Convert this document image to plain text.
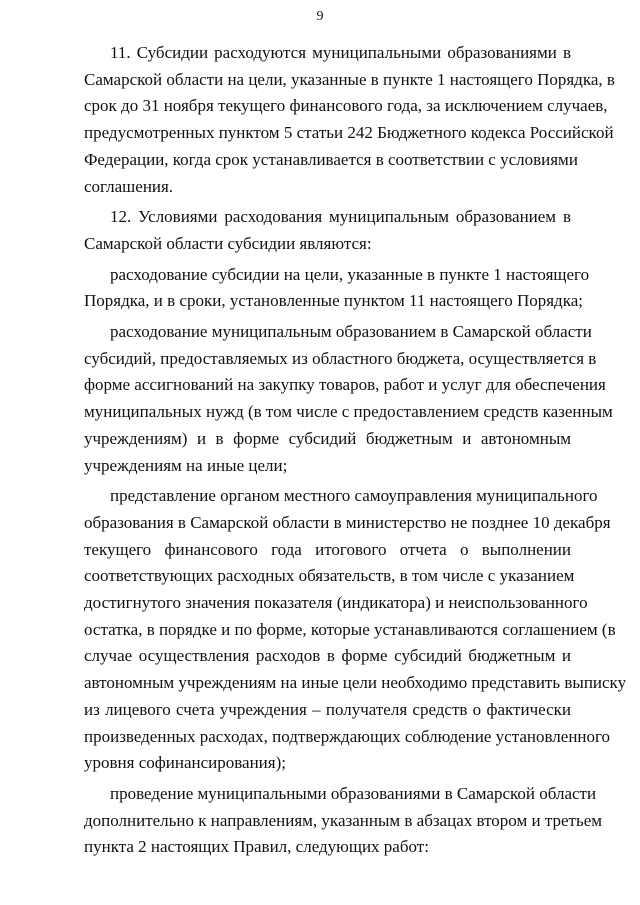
9
11. Субсидии расходуются муниципальными образованиями в
Самарской области на цели, указанные в пункте 1 настоящего Порядка, в
срок до 31 ноября текущего финансового года, за исключением случаев,
предусмотренных пунктом 5 статьи 242 Бюджетного кодекса Российской
Федерации, когда срок устанавливается в соответствии с условиями
соглашения.
12. Условиями расходования муниципальным образованием в
Самарской области субсидии являются:
расходование субсидии на цели, указанные в пункте 1 настоящего
Порядка, и в сроки, установленные пунктом 11 настоящего Порядка;
расходование муниципальным образованием в Самарской области
субсидий, предоставляемых из областного бюджета, осуществляется в
форме ассигнований на закупку товаров, работ и услуг для обеспечения
муниципальных нужд (в том числе с предоставлением средств казенным
учреждениям) и в форме субсидий бюджетным и автономным
учреждениям на иные цели;
представление органом местного самоуправления муниципального
образования в Самарской области в министерство не позднее 10 декабря
текущего финансового года итогового отчета о выполнении
соответствующих расходных обязательств, в том числе с указанием
достигнутого значения показателя (индикатора) и неиспользованного
остатка, в порядке и по форме, которые устанавливаются соглашением (в
случае осуществления расходов в форме субсидий бюджетным и
автономным учреждениям на иные цели необходимо представить выписку
из лицевого счета учреждения – получателя средств о фактически
произведенных расходах, подтверждающих соблюдение установленного
уровня софинансирования);
проведение муниципальными образованиями в Самарской области
дополнительно к направлениям, указанным в абзацах втором и третьем
пункта 2 настоящих Правил, следующих работ:
